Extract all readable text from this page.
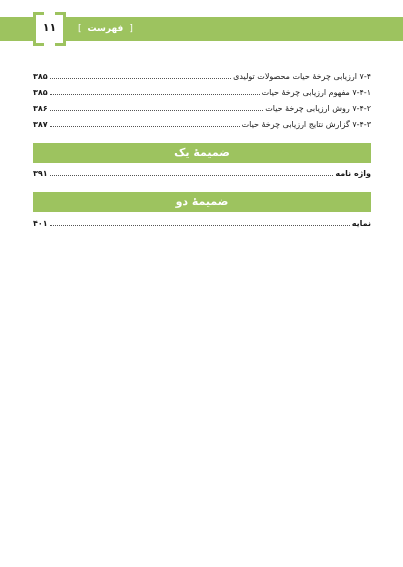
۱۱	[
فهرست
]
۷-۴ ارزیابی چرخۀ حیات محصولات تولیدی
۳۸۵
۷-۴-۱ مفهوم ارزیابی چرخۀ حیات
۳۸۵
۷-۴-۲ روش ارزیابی چرخۀ حیات
۳۸۶
۷-۴-۳ گزارش نتایج ارزیابی چرخۀ حیات
۳۸۷
ضمیمۀ یک
واژه نامه
۳۹۱
ضمیمۀ دو
نمایه
۴۰۱
